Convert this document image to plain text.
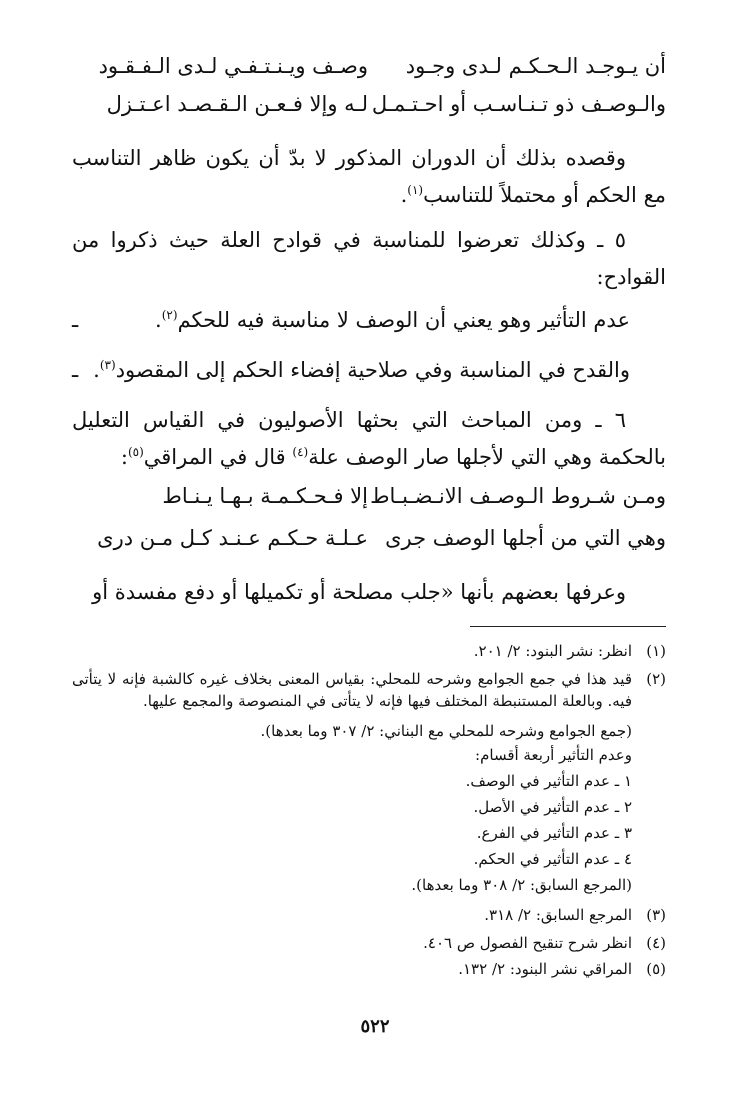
أن يـوجـد الـحـكـم لـدى وجـود
وصـف ويـنـتـفـي لـدى الـفـقـود
والـوصـف ذو تـنـاسـب أو احـتـمـل
لـه وإلا فـعـن الـقـصـد اعـتـزل
وقصده بذلك أن الدوران المذكور لا بدّ أن يكون ظاهر التناسب مع الحكم أو محتملاً للتناسب$^{(١)}$.
٥ ـ وكذلك تعرضوا للمناسبة في قوادح العلة حيث ذكروا من القوادح:
عدم التأثير وهو يعني أن الوصف لا مناسبة فيه للحكم$^{(٢)}$.
ـ
والقدح في المناسبة وفي صلاحية إفضاء الحكم إلى المقصود$^{(٣)}$.
ـ
٦ ـ ومن المباحث التي بحثها الأصوليون في القياس التعليل بالحكمة وهي التي لأجلها صار الوصف علة$^{(٤)}$ قال في المراقي$^{(٥)}$:
ومـن شـروط الـوصـف الانـضـبـاط
إلا فـحـكـمـة بـهـا يـنـاط
وهي التي من أجلها الوصف جرى
عـلـة حـكـم عـنـد كـل مـن درى
وعرفها بعضهم بأنها «جلب مصلحة أو تكميلها أو دفع مفسدة أو
(١)
انظر: نشر البنود: ٢/ ٢٠١.
(٢)
قيد هذا في جمع الجوامع وشرحه للمحلي: بقياس المعنى بخلاف غيره كالشبة فإنه لا يتأتى فيه. وبالعلة المستنبطة المختلف فيها فإنه لا يتأتى في المنصوصة والمجمع عليها.
(جمع الجوامع وشرحه للمحلي مع البناني: ٢/ ٣٠٧ وما بعدها).
وعدم التأثير أربعة أقسام:
١ ـ عدم التأثير في الوصف.
٢ ـ عدم التأثير في الأصل.
٣ ـ عدم التأثير في الفرع.
٤ ـ عدم التأثير في الحكم.
(المرجع السابق: ٢/ ٣٠٨ وما بعدها).
(٣)
المرجع السابق: ٢/ ٣١٨.
(٤)
انظر شرح تنقيح الفصول ص ٤٠٦.
(٥)
المراقي نشر البنود: ٢/ ١٣٢.
٥٢٢
